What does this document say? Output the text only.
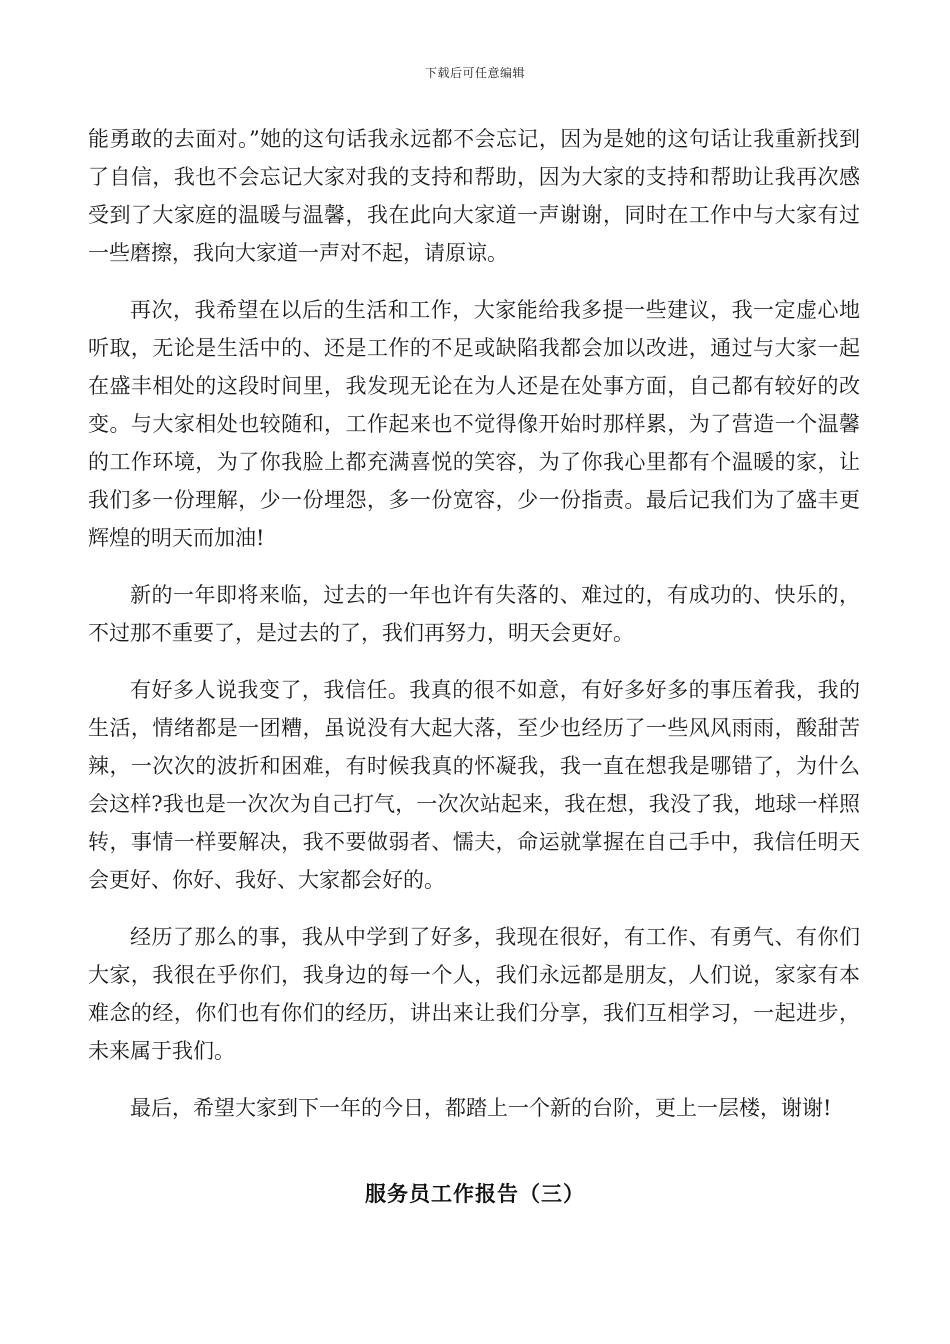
下载后可任意编辑

能勇敢的去面对。”她的这句话我永远都不会忘记，因为是她的这句话让我重新找到了自信，我也不会忘记大家对我的支持和帮助，因为大家的支持和帮助让我再次感受到了大家庭的温暖与温馨，我在此向大家道一声谢谢，同时在工作中与大家有过一些磨擦，我向大家道一声对不起，请原谅。

再次，我希望在以后的生活和工作，大家能给我多提一些建议，我一定虚心地听取，无论是生活中的、还是工作的不足或缺陷我都会加以改进，通过与大家一起在盛丰相处的这段时间里，我发现无论在为人还是在处事方面，自己都有较好的改变。与大家相处也较随和，工作起来也不觉得像开始时那样累，为了营造一个温馨的工作环境，为了你我脸上都充满喜悦的笑容，为了你我心里都有个温暖的家，让我们多一份理解，少一份埋怨，多一份宽容，少一份指责。最后记我们为了盛丰更辉煌的明天而加油!

新的一年即将来临，过去的一年也许有失落的、难过的，有成功的、快乐的，不过那不重要了，是过去的了，我们再努力，明天会更好。

有好多人说我变了，我信任。我真的很不如意，有好多好多的事压着我，我的生活，情绪都是一团糟，虽说没有大起大落，至少也经历了一些风风雨雨，酸甜苦辣，一次次的波折和困难，有时候我真的怀凝我，我一直在想我是哪错了，为什么会这样?我也是一次次为自己打气，一次次站起来，我在想，我没了我，地球一样照转，事情一样要解决，我不要做弱者、懦夫，命运就掌握在自己手中，我信任明天会更好、你好、我好、大家都会好的。

经历了那么的事，我从中学到了好多，我现在很好，有工作、有勇气、有你们大家，我很在乎你们，我身边的每一个人，我们永远都是朋友，人们说，家家有本难念的经，你们也有你们的经历，讲出来让我们分享，我们互相学习，一起进步，未来属于我们。

最后，希望大家到下一年的今日，都踏上一个新的台阶，更上一层楼，谢谢!

服务员工作报告（三）
